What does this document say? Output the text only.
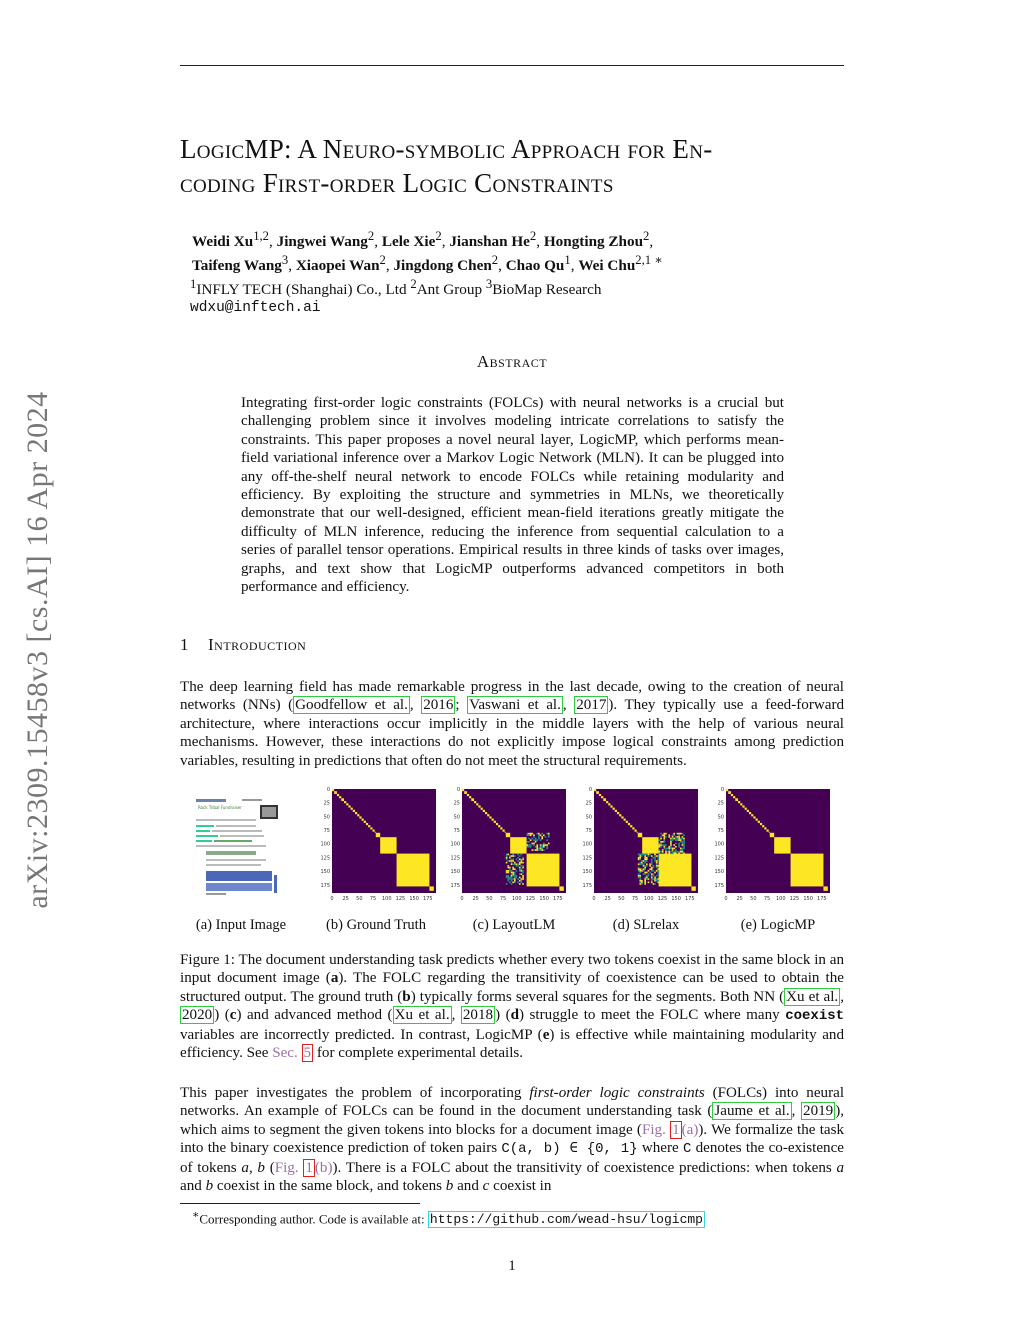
arXiv:2309.15458v3 [cs.AI] 16 Apr 2024
LogicMP: A Neuro-symbolic Approach for En-
coding First-order Logic Constraints
Weidi Xu$^{1,2}$, Jingwei Wang$^2$, Lele Xie$^2$, Jianshan He$^2$, Hongting Zhou$^2$,
Taifeng Wang$^3$, Xiaopei Wan$^2$, Jingdong Chen$^2$, Chao Qu$^1$, Wei Chu$^{2,1 ∗}$
$^1$INFLY TECH (Shanghai) Co., Ltd $^2$Ant Group $^3$BioMap Research
wdxu@inftech.ai
Abstract
Integrating first-order logic constraints (FOLCs) with neural networks is a crucial but challenging problem since it involves modeling intricate correlations to satisfy the constraints. This paper proposes a novel neural layer, LogicMP, which performs mean-field variational inference over a Markov Logic Network (MLN). It can be plugged into any off-the-shelf neural network to encode FOLCs while retaining modularity and efficiency. By exploiting the structure and symmetries in MLNs, we theoretically demonstrate that our well-designed, efficient mean-field iterations greatly mitigate the difficulty of MLN inference, reducing the inference from sequential calculation to a series of parallel tensor operations. Empirical results in three kinds of tasks over images, graphs, and text show that LogicMP outperforms advanced competitors in both performance and efficiency.
1 Introduction
The deep learning field has made remarkable progress in the last decade, owing to the creation of neural networks (NNs) ( Goodfellow et al. , 2016 ; Vaswani et al. , 2017 ). They typically use a feed-forward architecture, where interactions occur implicitly in the middle layers with the help of various neural mechanisms. However, these interactions do not explicitly impose logical constraints among prediction variables, resulting in predictions that often do not meet the structural requirements.
Rock Tribal Fundraiser
0
0
25
25
50
50
75
75
100
100
125
125
150
150
175
175
0
0
25
25
50
50
75
75
100
100
125
125
150
150
175
175
0
0
25
25
50
50
75
75
100
100
125
125
150
150
175
175
0
0
25
25
50
50
75
75
100
100
125
125
150
150
175
175
(a) Input Image	(b) Ground Truth	(c) LayoutLM	(d) SLrelax	(e) LogicMP
Figure 1: The document understanding task predicts whether every two tokens coexist in the same block in an input document image (a). The FOLC regarding the transitivity of coexistence can be used to obtain the structured output. The ground truth (b) typically forms several squares for the segments. Both NN ( Xu et al. , 2020 ) (c) and advanced method ( Xu et al. , 2018 ) (d) struggle to meet the FOLC where many coexist variables are incorrectly predicted. In contrast, LogicMP (e) is effective while maintaining modularity and efficiency. See Sec. 5 for complete experimental details.
This paper investigates the problem of incorporating first-order logic constraints (FOLCs) into neural networks. An example of FOLCs can be found in the document understanding task ( Jaume et al. , 2019 ), which aims to segment the given tokens into blocks for a document image (Fig. 1 (a)). We formalize the task into the binary coexistence prediction of token pairs C(a, b) ∈ {0, 1} where C denotes the co-existence of tokens a, b (Fig. 1 (b)). There is a FOLC about the transitivity of coexistence predictions: when tokens a and b coexist in the same block, and tokens b and c coexist in
∗Corresponding author. Code is available at: https://github.com/wead-hsu/logicmp
1
